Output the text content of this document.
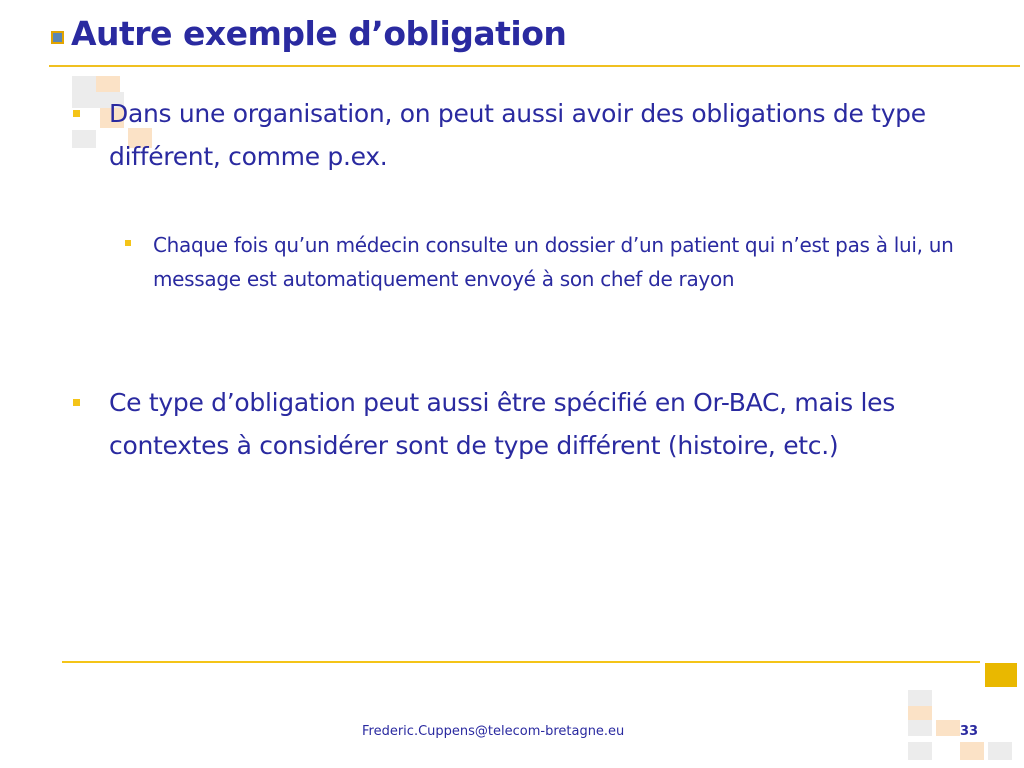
Autre exemple d’obligation
Dans une organisation, on peut aussi avoir des obligations de type différent, comme p.ex.
Chaque fois qu’un médecin consulte un dossier d’un patient qui n’est pas à lui, un message est automatiquement envoyé à son chef de rayon
Ce type d’obligation peut aussi être spécifié en Or-BAC, mais les contextes à considérer sont de type différent (histoire, etc.)
Frederic.Cuppens@telecom-bretagne.eu	33
